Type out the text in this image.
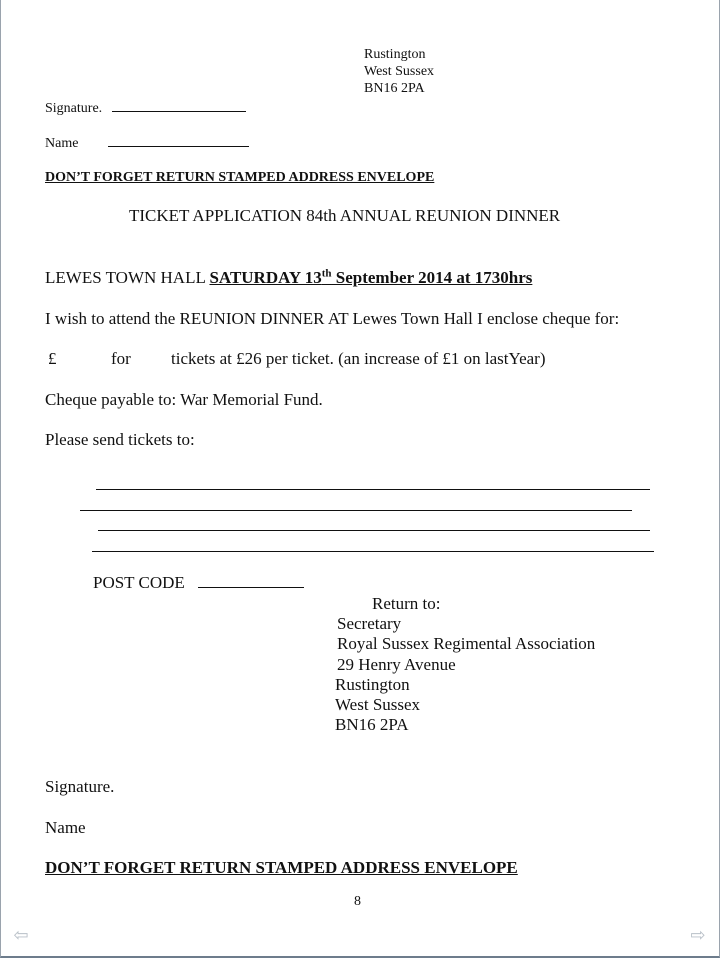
Rustington
West Sussex
BN16 2PA
Signature.
Name
DON’T FORGET RETURN STAMPED ADDRESS ENVELOPE
TICKET APPLICATION 84th ANNUAL REUNION DINNER
LEWES TOWN HALL SATURDAY 13th September 2014 at 1730hrs
I wish to attend the REUNION DINNER AT Lewes Town Hall I enclose cheque for:
£	for tickets at £26 per ticket. (an increase of £1 on lastYear)
Cheque payable to: War Memorial Fund.
Please send tickets to:
POST CODE
Return to:
Secretary
Royal Sussex Regimental Association
29 Henry Avenue
Rustington
West Sussex
BN16 2PA
Signature.
Name
DON’T FORGET RETURN STAMPED ADDRESS ENVELOPE
8
⇦	⇨
